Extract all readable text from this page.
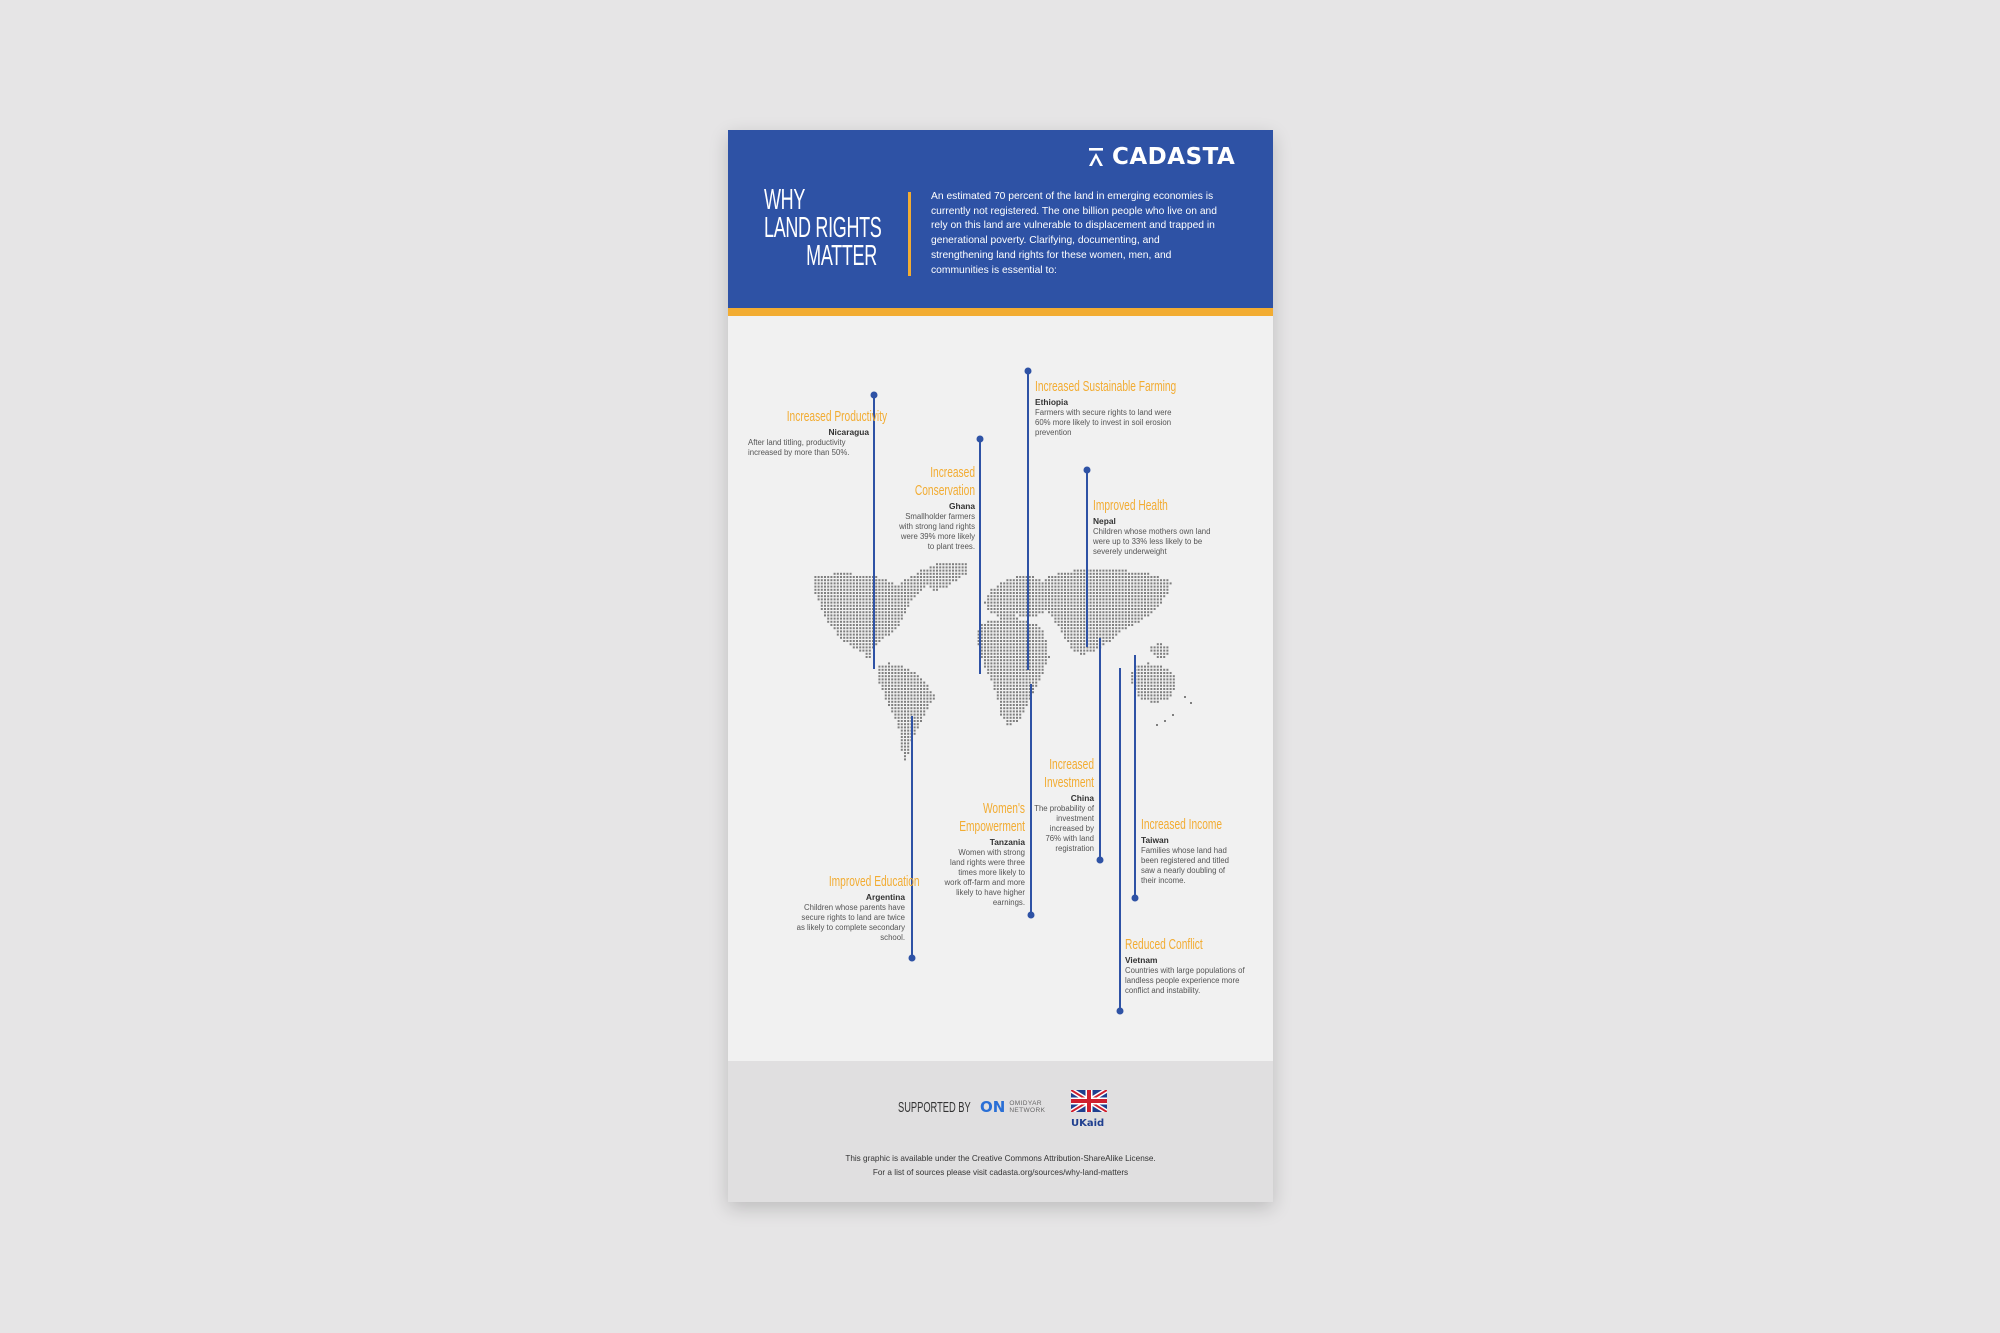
CADASTA
WHY
LAND RIGHTS
MATTER
An estimated 70 percent of the land in emerging economies is currently not registered. The one billion people who live on and rely on this land are vulnerable to displacement and trapped in generational poverty. Clarifying, documenting, and strengthening land rights for these women, men, and communities is essential to:
Increased Productivity
Nicaragua
After land titling, productivity increased by more than 50%.
Increased Conservation
Ghana
Smallholder farmers with strong land rights were 39% more likely to plant trees.
Increased Sustainable Farming
Ethiopia
Farmers with secure rights to land were 60% more likely to invest in soil erosion prevention
Improved Health
Nepal
Children whose mothers own land were up to 33% less likely to be severely underweight
Increased Investment
China
The probability of investment increased by 76% with land registration
Women's Empowerment
Tanzania
Women with strong land rights were three times more likely to work off-farm and more likely to have higher earnings.
Increased Income
Taiwan
Families whose land had been registered and titled saw a nearly doubling of their income.
Improved Education
Argentina
Children whose parents have secure rights to land are twice as likely to complete secondary school.	Reduced Conflict
Vietnam
Countries with large populations of landless people experience more conflict and instability.
SUPPORTED BY ON OMIDYAR
NETWORK
UKaid
This graphic is available under the Creative Commons Attribution-ShareAlike License.
For a list of sources please visit cadasta.org/sources/why-land-matters
